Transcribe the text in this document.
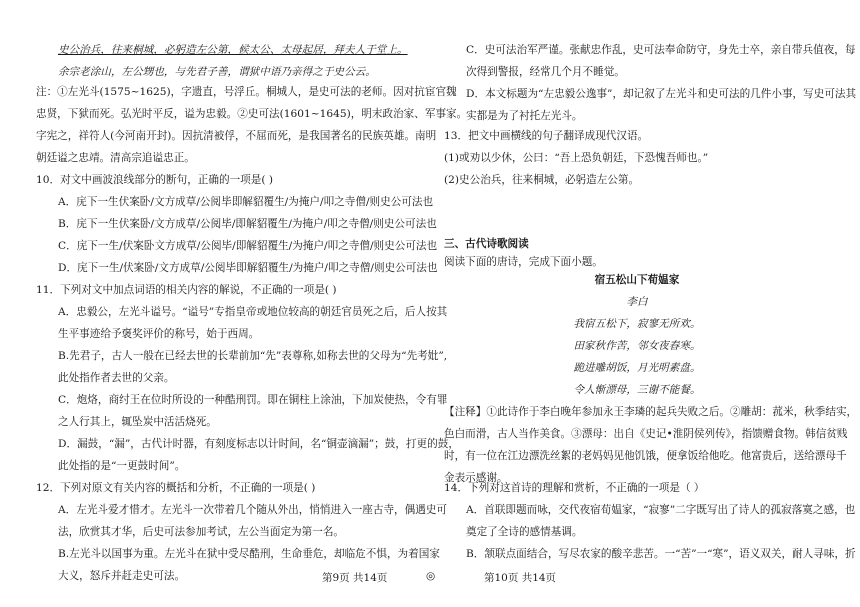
史公治兵，往来桐城，必躬造左公第，候太公、太母起居，拜夫人于堂上。
余宗老涂山，左公甥也，与先君子善，谓狱中语乃亲得之于史公云。
注：①左光斗(1575~1625)，字遗直，号浮丘。桐城人，是史可法的老师。因对抗宦官魏
忠贤，下狱而死。弘光时平反，谥为忠毅。②史可法(1601~1645)，明末政治家、军事家。
字宪之，祥符人(今河南开封)。因抗清被俘，不屈而死，是我国著名的民族英雄。南明
朝廷谥之忠靖。清高宗追谥忠正。
10．对文中画波浪线部分的断句，正确的一项是( )
A．庑下一生伏案卧/文方成草/公阅毕即解貂覆生/为掩户/叩之寺僧/则史公可法也
B．庑下一生伏案卧/文方成草/公阅毕/即解貂覆生/为掩户/叩之寺僧/则史公可法也
C．庑下一生/伏案卧文方成草/公阅毕/即解貂覆生/为掩户/叩之寺僧/则史公可法也
D．庑下一生/伏案卧/文方成草/公阅毕即解貂覆生/为掩户/叩之寺僧/则史公可法也
11．下列对文中加点词语的相关内容的解说，不正确的一项是( )
A．忠毅公，左光斗谥号。“谥号”专指皇帝或地位较高的朝廷官员死之后，后人按其
生平事迹给予褒奖评价的称号，始于西周。
B.先君子，古人一般在已经去世的长辈前加“先”表尊称,如称去世的父母为“先考妣”,
此处指作者去世的父亲。
C．炮烙，商纣王在位时所设的一种酷刑罚。即在铜柱上涂油，下加炭使热，令有罪
之人行其上，辄坠炭中活活烧死。
D．漏鼓，“漏”，古代计时器，有刻度标志以计时间，名“铜壶滴漏”；鼓，打更的鼓，
此处指的是“一更鼓时间”。
12．下列对原文有关内容的概括和分析，不正确的一项是( )
A．左光斗爱才惜才。左光斗一次带着几个随从外出，悄悄进入一座古寺，偶遇史可
法，欣赏其才华，后史可法参加考试，左公当面定为第一名。
B.左光斗以国事为重。左光斗在狱中受尽酷刑，生命垂危，却临危不惧，为着国家
大义，怒斥并赶走史可法。
C．史可法治军严谨。张献忠作乱，史可法奉命防守，身先士卒，亲自带兵值夜，每
次得到警报，经常几个月不睡觉。
D．本文标题为“左忠毅公逸事”，却记叙了左光斗和史可法的几件小事，写史可法其
实都是为了衬托左光斗。
13．把文中画横线的句子翻译成现代汉语。
(1)或劝以少休，公曰：“吾上恐负朝廷，下恐愧吾师也。”
(2)史公治兵，往来桐城，必躬造左公第。
三、古代诗歌阅读
阅读下面的唐诗，完成下面小题。
宿五松山下荀媪家
李白
我宿五松下，寂寥无所欢。
田家秋作苦，邻女夜舂寒。
跪进雕胡饭，月光明素盘。
令人惭漂母，三谢不能餐。
【注释】①此诗作于李白晚年参加永王李璘的起兵失败之后。②雕胡：菰米，秋季结实，
色白而滑，古人当作美食。③漂母：出自《史记•淮阴侯列传》，指馈赠食物。韩信贫贱
时，有一位在江边漂洗丝絮的老妈妈见他饥饿，便拿饭给他吃。他富贵后，送给漂母千
金表示感谢。
14．下列对这首诗的理解和赏析，不正确的一项是（ ）
A．首联即题而咏，交代夜宿荀媪家，“寂寥”二字既写出了诗人的孤寂落寞之感，也
奠定了全诗的感情基调。
B．颔联点面结合，写尽农家的酸辛悲苦。一“苦”一“寒”，语义双关，耐人寻味，折
第9页 共14页	◎	第10页 共14页
